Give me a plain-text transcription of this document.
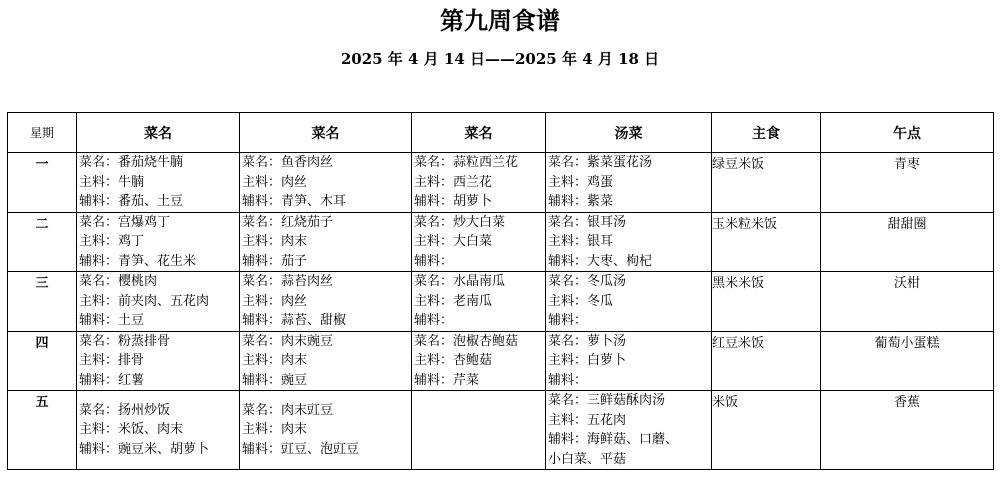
第九周食谱
2025 年 4 月 14 日——2025 年 4 月 18 日
星期	菜名	菜名	菜名	汤菜	主食	午点
一	菜名：番茄烧牛腩
主料：牛腩
辅料：番茄、土豆	菜名：鱼香肉丝
主料：肉丝
辅料：青笋、木耳	菜名：蒜粒西兰花
主料：西兰花
辅料：胡萝卜	菜名：紫菜蛋花汤
主料：鸡蛋
辅料：紫菜	绿豆米饭	青枣
二	菜名：宫爆鸡丁
主料：鸡丁
辅料：青笋、花生米	菜名：红烧茄子
主料：肉末
辅料：茄子	菜名：炒大白菜
主料：大白菜
辅料：	菜名：银耳汤
主料：银耳
辅料：大枣、枸杞	玉米粒米饭	甜甜圈
三	菜名：樱桃肉
主料：前夹肉、五花肉
辅料：土豆	菜名：蒜苔肉丝
主料：肉丝
辅料：蒜苔、甜椒	菜名：水晶南瓜
主料：老南瓜
辅料：	菜名：冬瓜汤
主料：冬瓜
辅料：	黑米米饭	沃柑
四	菜名：粉蒸排骨
主料：排骨
辅料：红薯	菜名：肉末豌豆
主料：肉末
辅料：豌豆	菜名：泡椒杏鲍菇
主料：杏鲍菇
辅料：芹菜	菜名：萝卜汤
主料：白萝卜
辅料：	红豆米饭	葡萄小蛋糕
五	菜名：扬州炒饭
主料：米饭、肉末
辅料：豌豆米、胡萝卜	菜名：肉末豇豆
主料：肉末
辅料：豇豆、泡豇豆		菜名：三鲜菇酥肉汤
主料：五花肉
辅料：海鲜菇、口蘑、
小白菜、平菇	米饭	香蕉
